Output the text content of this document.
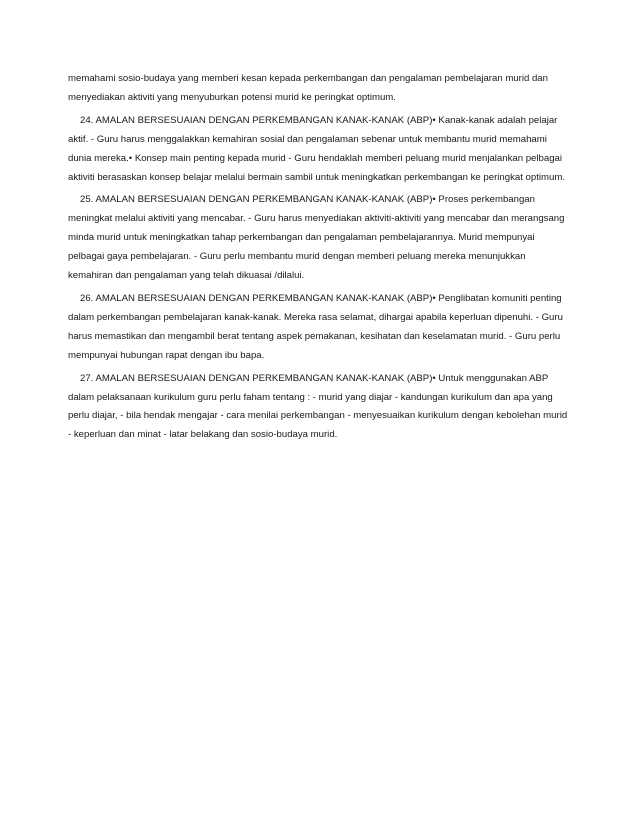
memahami sosio-budaya yang memberi kesan kepada perkembangan dan pengalaman pembelajaran murid dan menyediakan aktiviti yang menyuburkan potensi murid ke peringkat optimum.

24. AMALAN BERSESUAIAN DENGAN PERKEMBANGAN KANAK-KANAK (ABP)• Kanak-kanak adalah pelajar aktif. - Guru harus menggalakkan kemahiran sosial dan pengalaman sebenar untuk membantu murid memahami dunia mereka.• Konsep main penting kepada murid - Guru hendaklah memberi peluang murid menjalankan pelbagai aktiviti berasaskan konsep belajar melalui bermain sambil untuk meningkatkan perkembangan ke peringkat optimum.

25. AMALAN BERSESUAIAN DENGAN PERKEMBANGAN KANAK-KANAK (ABP)• Proses perkembangan meningkat melalui aktiviti yang mencabar. - Guru harus menyediakan aktiviti-aktiviti yang mencabar dan merangsang minda murid untuk meningkatkan tahap perkembangan dan pengalaman pembelajarannya. Murid mempunyai pelbagai gaya pembelajaran. - Guru perlu membantu murid dengan memberi peluang mereka menunjukkan kemahiran dan pengalaman yang telah dikuasai /dilalui.

26. AMALAN BERSESUAIAN DENGAN PERKEMBANGAN KANAK-KANAK (ABP)• Penglibatan komuniti penting dalam perkembangan pembelajaran kanak-kanak. Mereka rasa selamat, dihargai apabila keperluan dipenuhi. - Guru harus memastikan dan mengambil berat tentang aspek pemakanan, kesihatan dan keselamatan murid. - Guru perlu mempunyai hubungan rapat dengan ibu bapa.

27. AMALAN BERSESUAIAN DENGAN PERKEMBANGAN KANAK-KANAK (ABP)• Untuk menggunakan ABP dalam pelaksanaan kurikulum guru perlu faham tentang : - murid yang diajar - kandungan kurikulum dan apa yang perlu diajar, - bila hendak mengajar - cara menilai perkembangan - menyesuaikan kurikulum dengan kebolehan murid - keperluan dan minat - latar belakang dan sosio-budaya murid.
